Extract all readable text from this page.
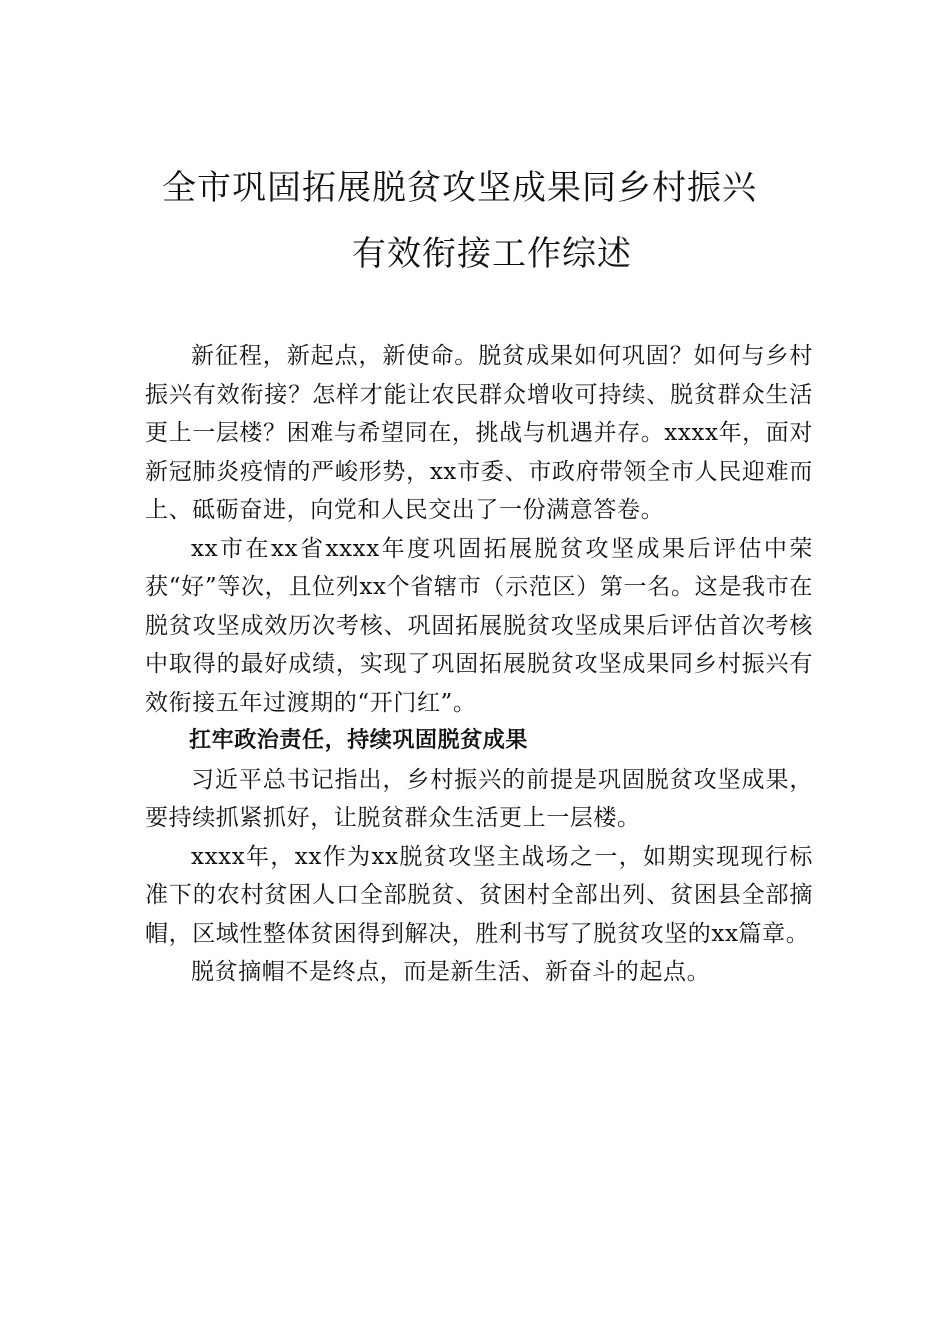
全市巩固拓展脱贫攻坚成果同乡村振兴
有效衔接工作综述

新征程，新起点，新使命。脱贫成果如何巩固？如何与乡村振兴有效衔接？怎样才能让农民群众增收可持续、脱贫群众生活更上一层楼？困难与希望同在，挑战与机遇并存。xxxx年，面对新冠肺炎疫情的严峻形势，xx市委、市政府带领全市人民迎难而上、砥砺奋进，向党和人民交出了一份满意答卷。

xx市在xx省xxxx年度巩固拓展脱贫攻坚成果后评估中荣获“好”等次，且位列xx个省辖市（示范区）第一名。这是我市在脱贫攻坚成效历次考核、巩固拓展脱贫攻坚成果后评估首次考核中取得的最好成绩，实现了巩固拓展脱贫攻坚成果同乡村振兴有效衔接五年过渡期的“开门红”。

扛牢政治责任，持续巩固脱贫成果

习近平总书记指出，乡村振兴的前提是巩固脱贫攻坚成果，要持续抓紧抓好，让脱贫群众生活更上一层楼。

xxxx年，xx作为xx脱贫攻坚主战场之一，如期实现现行标准下的农村贫困人口全部脱贫、贫困村全部出列、贫困县全部摘帽，区域性整体贫困得到解决，胜利书写了脱贫攻坚的xx篇章。

脱贫摘帽不是终点，而是新生活、新奋斗的起点。
